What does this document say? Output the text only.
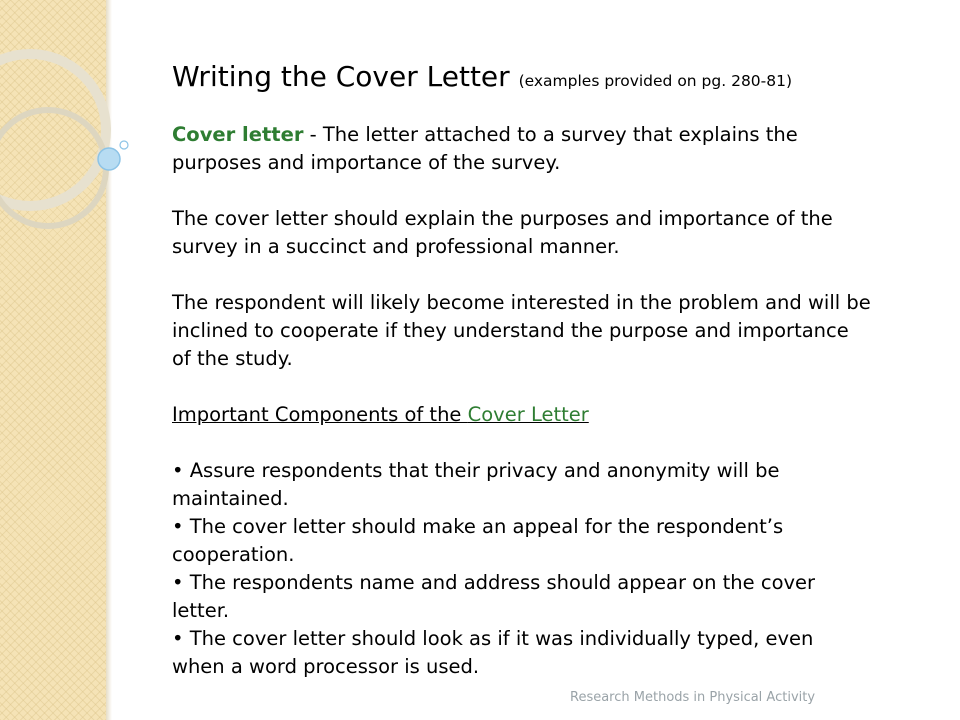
Writing the Cover Letter (examples provided on pg. 280-81)

Cover letter - The letter attached to a survey that explains the purposes and importance of the survey.

The cover letter should explain the purposes and importance of the survey in a succinct and professional manner.

The respondent will likely become interested in the problem and will be inclined to cooperate if they understand the purpose and importance of the study.

Important Components of the Cover Letter

• Assure respondents that their privacy and anonymity will be maintained.

• The cover letter should make an appeal for the respondent’s cooperation.

• The respondents name and address should appear on the cover letter.

• The cover letter should look as if it was individually typed, even when a word processor is used.

Research Methods in Physical Activity
